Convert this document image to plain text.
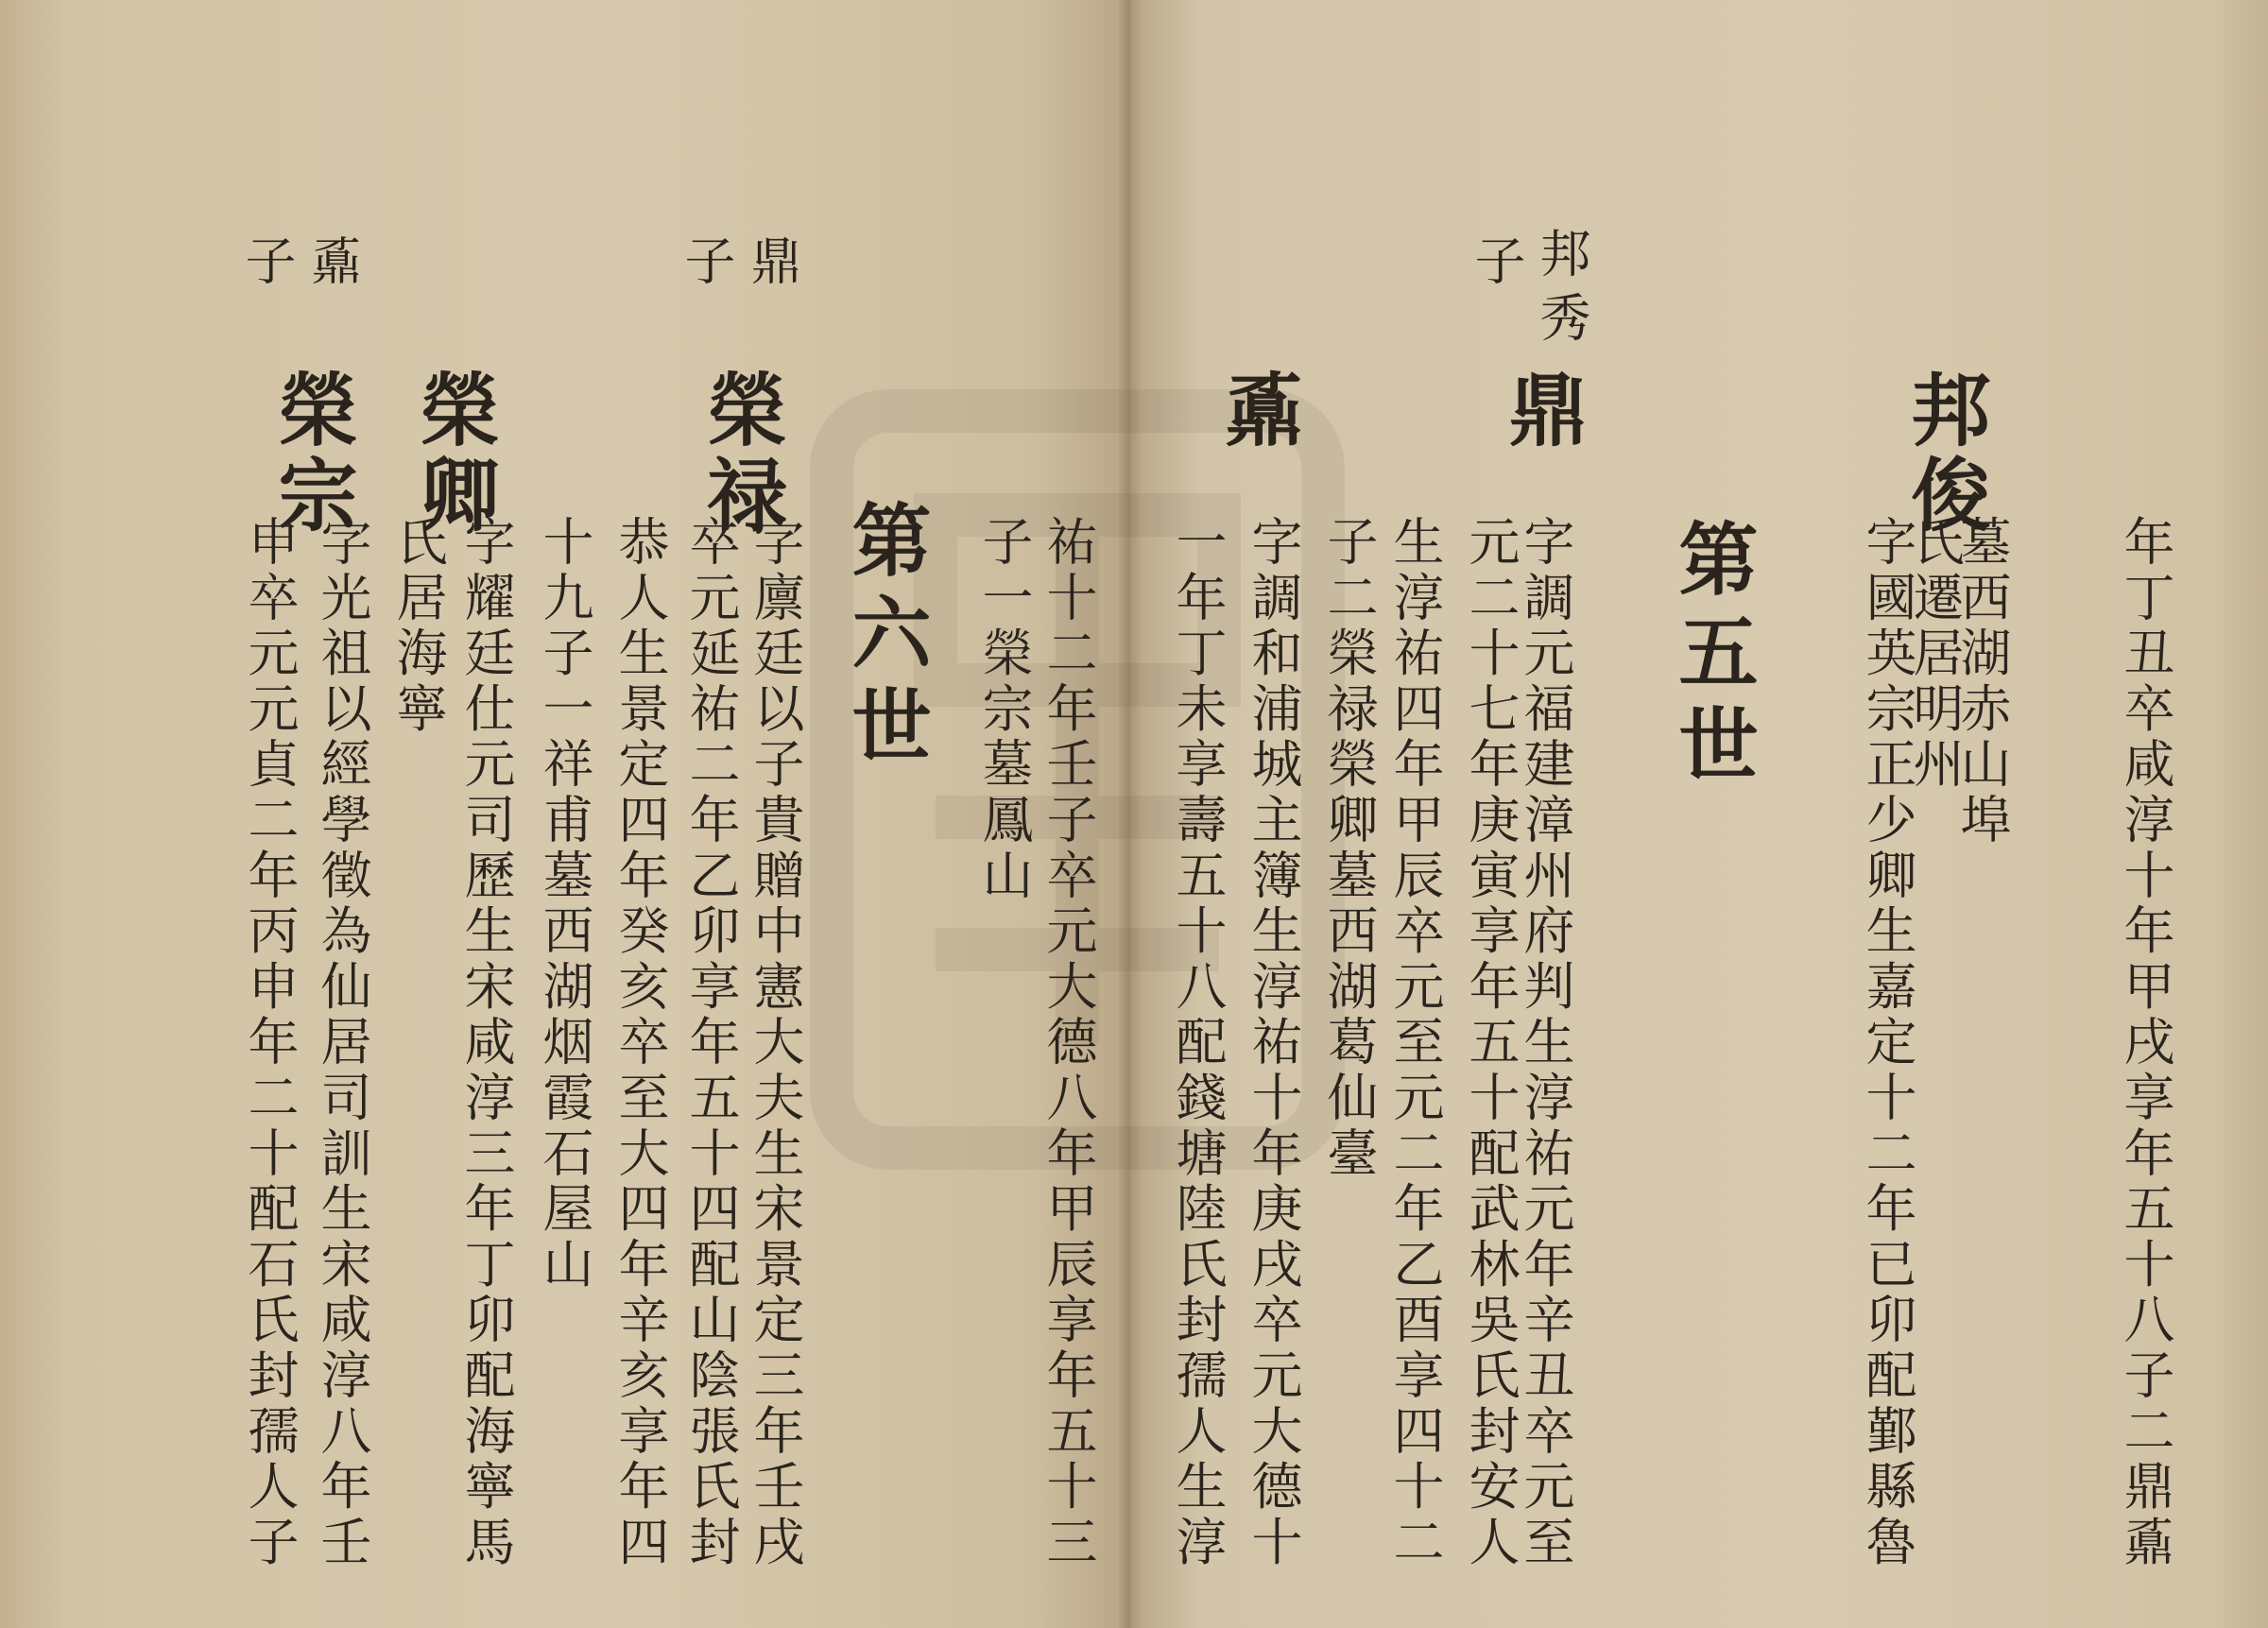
年丁丑卒咸淳十年甲戌享年五十八子二鼎鼒
墓西湖赤山埠
氏遷居明州
字國英宗正少卿生嘉定十二年已卯配鄞縣魯
邦俊
第五世
字調元福建漳州府判生淳祐元年辛丑卒元至
鼎
邦秀
子
元二十七年庚寅享年五十配武林吳氏封安人
生淳祐四年甲辰卒元至元二年乙酉享四十二
子二榮禄榮卿墓西湖葛仙臺
字調和浦城主簿生淳祐十年庚戌卒元大德十
鼒
一年丁未享壽五十八配錢塘陸氏封孺人生淳
祐十二年壬子卒元大德八年甲辰享年五十三
子一榮宗墓鳳山
第六世
字廪廷以子貴贈中憲大夫生宋景定三年壬戌
榮禄
鼎
子
卒元延祐二年乙卯享年五十四配山陰張氏封
恭人生景定四年癸亥卒至大四年辛亥享年四
十九子一祥甫墓西湖烟霞石屋山
字耀廷仕元司歷生宋咸淳三年丁卯配海寧馬
榮卿
氏居海寧
字光祖以經學徵為仙居司訓生宋咸淳八年壬
榮宗
鼒
子
申卒元元貞二年丙申年二十配石氏封孺人子
